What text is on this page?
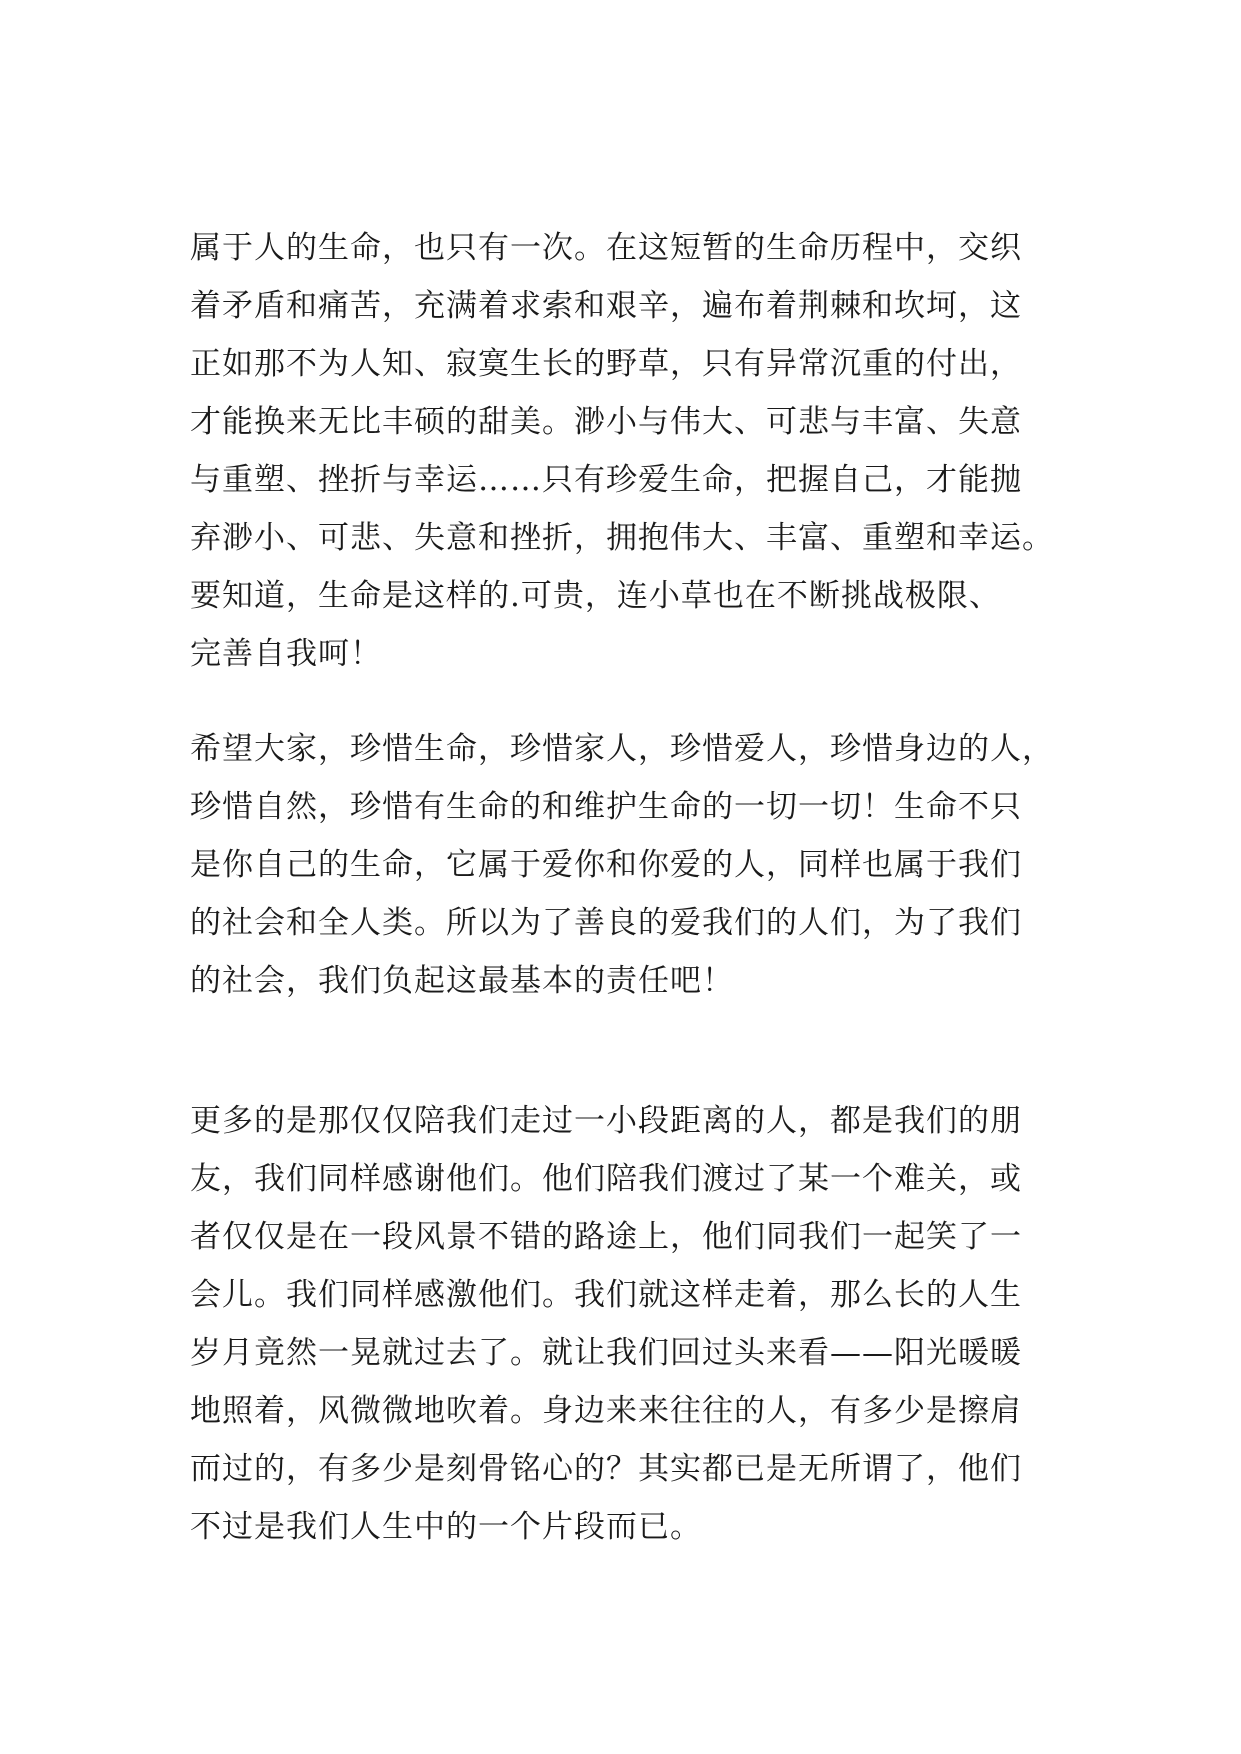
属于人的生命，也只有一次。在这短暂的生命历程中，交织
着矛盾和痛苦，充满着求索和艰辛，遍布着荆棘和坎坷，这
正如那不为人知、寂寞生长的野草，只有异常沉重的付出，
才能换来无比丰硕的甜美。渺小与伟大、可悲与丰富、失意
与重塑、挫折与幸运……只有珍爱生命，把握自己，才能抛
弃渺小、可悲、失意和挫折，拥抱伟大、丰富、重塑和幸运。
要知道，生命是这样的.可贵，连小草也在不断挑战极限、
完善自我呵！
希望大家，珍惜生命，珍惜家人，珍惜爱人，珍惜身边的人，
珍惜自然，珍惜有生命的和维护生命的一切一切！生命不只
是你自己的生命，它属于爱你和你爱的人，同样也属于我们
的社会和全人类。所以为了善良的爱我们的人们，为了我们
的社会，我们负起这最基本的责任吧！
更多的是那仅仅陪我们走过一小段距离的人，都是我们的朋
友，我们同样感谢他们。他们陪我们渡过了某一个难关，或
者仅仅是在一段风景不错的路途上，他们同我们一起笑了一
会儿。我们同样感激他们。我们就这样走着，那么长的人生
岁月竟然一晃就过去了。就让我们回过头来看——阳光暖暖
地照着，风微微地吹着。身边来来往往的人，有多少是擦肩
而过的，有多少是刻骨铭心的？其实都已是无所谓了，他们
不过是我们人生中的一个片段而已。
